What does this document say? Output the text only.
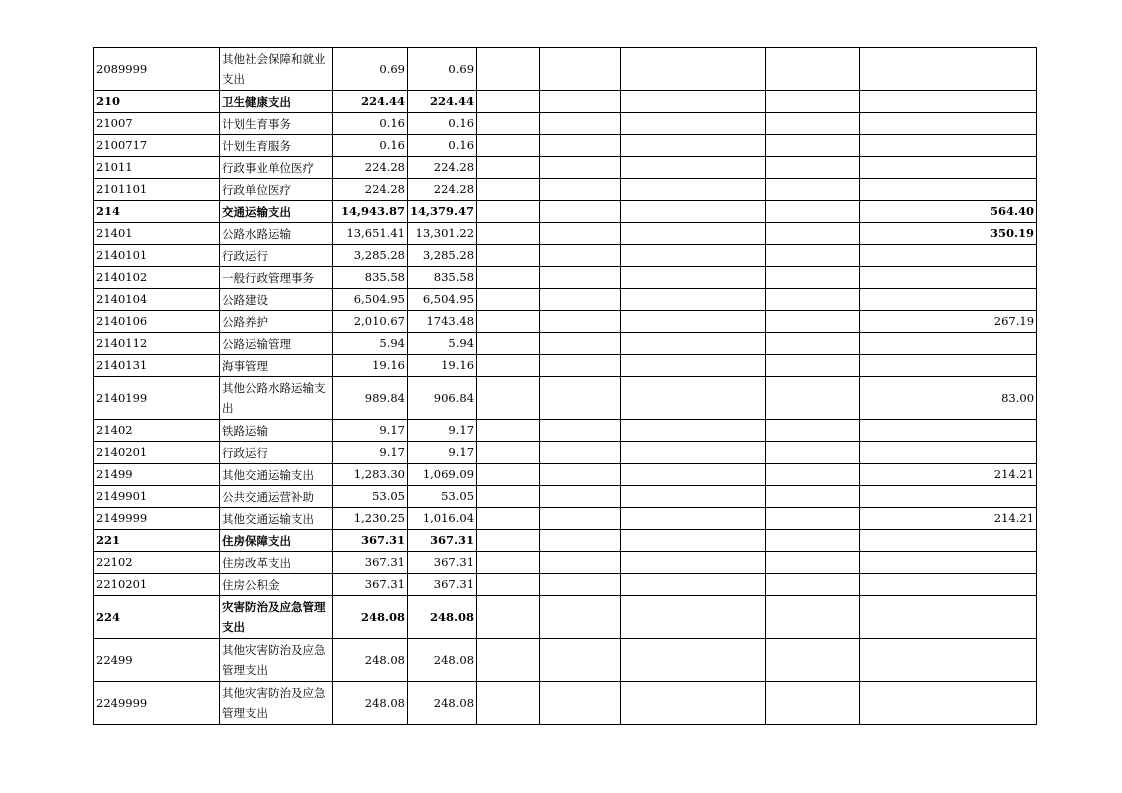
2089999	其他社会保障和就业支出	0.69	0.69					
210	卫生健康支出	224.44	224.44					
21007	计划生育事务	0.16	0.16					
2100717	计划生育服务	0.16	0.16					
21011	行政事业单位医疗	224.28	224.28					
2101101	行政单位医疗	224.28	224.28					
214	交通运输支出	14,943.87	14,379.47					564.40
21401	公路水路运输	13,651.41	13,301.22					350.19
2140101	行政运行	3,285.28	3,285.28					
2140102	一般行政管理事务	835.58	835.58					
2140104	公路建设	6,504.95	6,504.95					
2140106	公路养护	2,010.67	1743.48					267.19
2140112	公路运输管理	5.94	5.94					
2140131	海事管理	19.16	19.16					
2140199	其他公路水路运输支出	989.84	906.84					83.00
21402	铁路运输	9.17	9.17					
2140201	行政运行	9.17	9.17					
21499	其他交通运输支出	1,283.30	1,069.09					214.21
2149901	公共交通运营补助	53.05	53.05					
2149999	其他交通运输支出	1,230.25	1,016.04					214.21
221	住房保障支出	367.31	367.31					
22102	住房改革支出	367.31	367.31					
2210201	住房公积金	367.31	367.31					
224	灾害防治及应急管理支出	248.08	248.08					
22499	其他灾害防治及应急管理支出	248.08	248.08					
2249999	其他灾害防治及应急管理支出	248.08	248.08					
